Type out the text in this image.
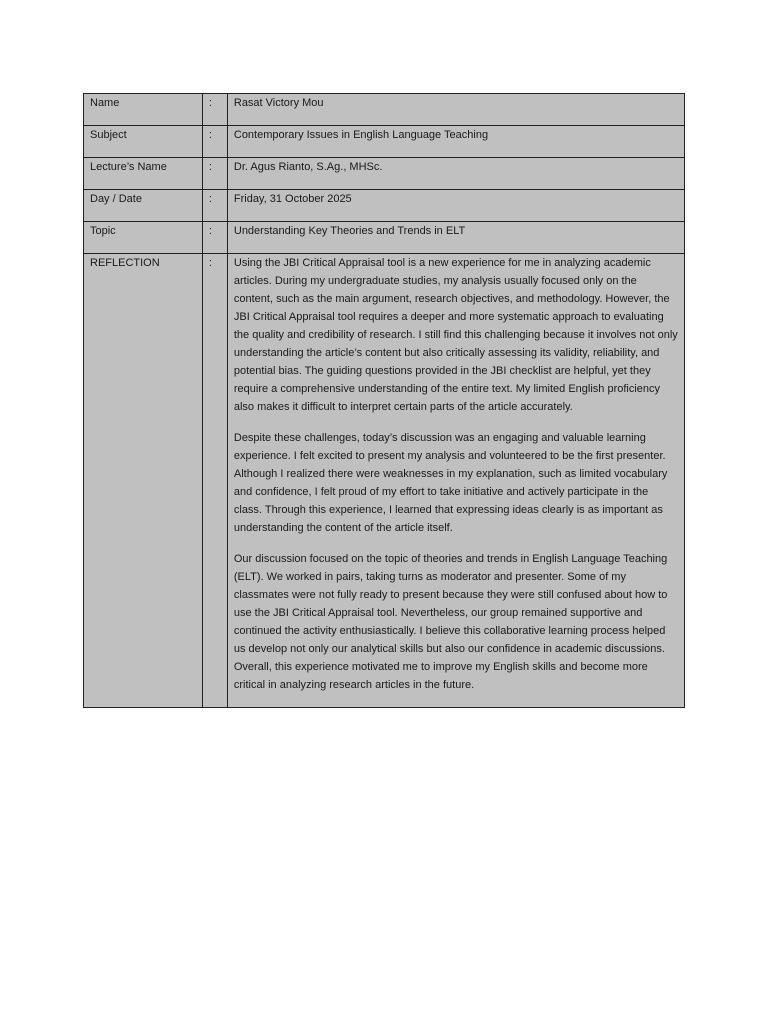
Name	:	Rasat Victory Mou

Subject	:	Contemporary Issues in English Language Teaching

Lecture’s Name	:	Dr. Agus Rianto, S.Ag., MHSc.

Day / Date	:	Friday, 31 October 2025

Topic	:	Understanding Key Theories and Trends in ELT

REFLECTION	:	Using the JBI Critical Appraisal tool is a new experience for me in analyzing academic articles. During my undergraduate studies, my analysis usually focused only on the content, such as the main argument, research objectives, and methodology. However, the JBI Critical Appraisal tool requires a deeper and more systematic approach to evaluating the quality and credibility of research. I still find this challenging because it involves not only understanding the article’s content but also critically assessing its validity, reliability, and potential bias. The guiding questions provided in the JBI checklist are helpful, yet they require a comprehensive understanding of the entire text. My limited English proficiency also makes it difficult to interpret certain parts of the article accurately.

Despite these challenges, today’s discussion was an engaging and valuable learning experience. I felt excited to present my analysis and volunteered to be the first presenter. Although I realized there were weaknesses in my explanation, such as limited vocabulary and confidence, I felt proud of my effort to take initiative and actively participate in the class. Through this experience, I learned that expressing ideas clearly is as important as understanding the content of the article itself.

Our discussion focused on the topic of theories and trends in English Language Teaching (ELT). We worked in pairs, taking turns as moderator and presenter. Some of my classmates were not fully ready to present because they were still confused about how to use the JBI Critical Appraisal tool. Nevertheless, our group remained supportive and continued the activity enthusiastically. I believe this collaborative learning process helped us develop not only our analytical skills but also our confidence in academic discussions. Overall, this experience motivated me to improve my English skills and become more critical in analyzing research articles in the future.
